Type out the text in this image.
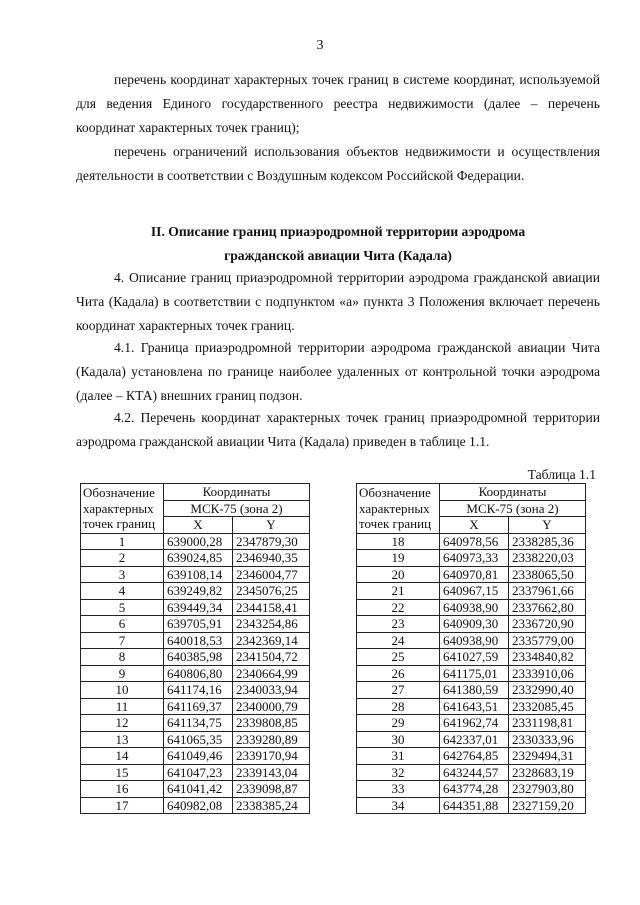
3

перечень координат характерных точек границ в системе координат, используемой для ведения Единого государственного реестра недвижимости (далее – перечень координат характерных точек границ);

перечень ограничений использования объектов недвижимости и осуществления деятельности в соответствии с Воздушным кодексом Российской Федерации.

II. Описание границ приаэродромной территории аэродрома
гражданской авиации Чита (Кадала)

4. Описание границ приаэродромной территории аэродрома гражданской авиации Чита (Кадала) в соответствии с подпунктом «а» пункта 3 Положения включает перечень координат характерных точек границ.

4.1. Граница приаэродромной территории аэродрома гражданской авиации Чита (Кадала) установлена по границе наиболее удаленных от контрольной точки аэродрома (далее – КТА) внешних границ подзон.

4.2. Перечень координат характерных точек границ приаэродромной территории аэродрома гражданской авиации Чита (Кадала) приведен в таблице 1.1.

Таблица 1.1
Обозначение характерных точек границ	Координаты	
	МСК-75 (зона 2)	
	X	Y
1	639000,28	2347879,30
2	639024,85	2346940,35
3	639108,14	2346004,77
4	639249,82	2345076,25
5	639449,34	2344158,41
6	639705,91	2343254,86
7	640018,53	2342369,14
8	640385,98	2341504,72
9	640806,80	2340664,99
10	641174,16	2340033,94
11	641169,37	2340000,79
12	641134,75	2339808,85
13	641065,35	2339280,89
14	641049,46	2339170,94
15	641047,23	2339143,04
16	641041,42	2339098,87
17	640982,08	2338385,24
Обозначение характерных точек границ	Координаты	
	МСК-75 (зона 2)	
	X	Y
18	640978,56	2338285,36
19	640973,33	2338220,03
20	640970,81	2338065,50
21	640967,15	2337961,66
22	640938,90	2337662,80
23	640909,30	2336720,90
24	640938,90	2335779,00
25	641027,59	2334840,82
26	641175,01	2333910,06
27	641380,59	2332990,40
28	641643,51	2332085,45
29	641962,74	2331198,81
30	642337,01	2330333,96
31	642764,85	2329494,31
32	643244,57	2328683,19
33	643774,28	2327903,80
34	644351,88	2327159,20
